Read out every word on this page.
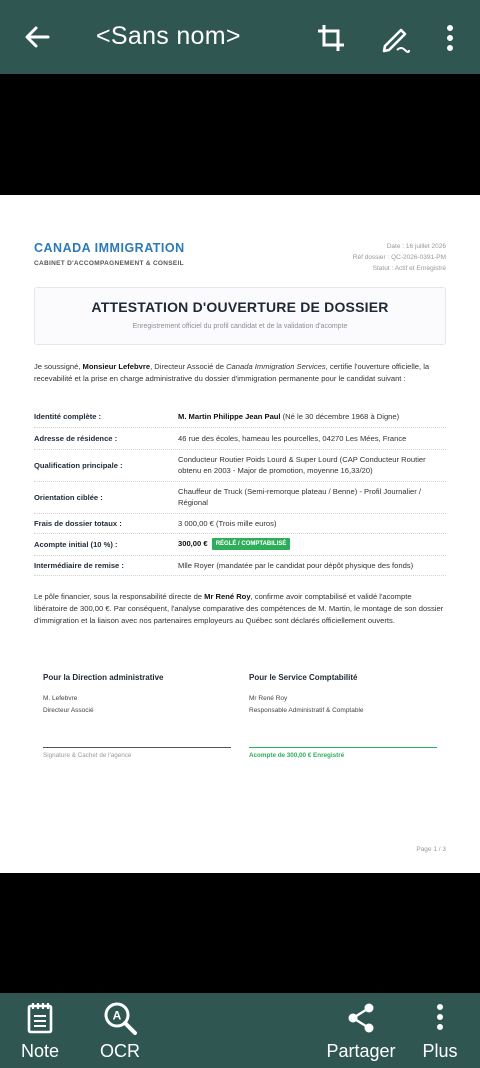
<Sans nom>
CANADA IMMIGRATION
CABINET D'ACCOMPAGNEMENT & CONSEIL
Date : 16 juillet 2026
Réf dossier : QC-2026-0391-PM
Statut : Actif et Enregistré
ATTESTATION D'OUVERTURE DE DOSSIER
Enregistrement officiel du profil candidat et de la validation d'acompte
Je soussigné, Monsieur Lefebvre, Directeur Associé de Canada Immigration Services, certifie l'ouverture officielle, la recevabilité et la prise en charge administrative du dossier d'immigration permanente pour le candidat suivant :
Identité complète :	M. Martin Philippe Jean Paul (Né le 30 décembre 1968 à Digne)
Adresse de résidence :	46 rue des écoles, hameau les pourcelles, 04270 Les Mées, France
Qualification principale :
Conducteur Routier Poids Lourd & Super Lourd (CAP Conducteur Routier obtenu en 2003 - Major de promotion, moyenne 16,33/20)
Orientation ciblée :
Chauffeur de Truck (Semi-remorque plateau / Benne) - Profil Journalier / Régional
Frais de dossier totaux :	3 000,00 € (Trois mille euros)
Acompte initial (10 %) :	300,00 € RÉGLÉ / COMPTABILISÉ
Intermédiaire de remise :	Mlle Royer (mandatée par le candidat pour dépôt physique des fonds)
Le pôle financier, sous la responsabilité directe de Mr René Roy, confirme avoir comptabilisé et validé l'acompte libératoire de 300,00 €. Par conséquent, l'analyse comparative des compétences de M. Martin, le montage de son dossier d'immigration et la liaison avec nos partenaires employeurs au Québec sont déclarés officiellement ouverts.
Pour la Direction administrative
M. Lefebvre
Directeur Associé
Signature & Cachet de l'agence
Pour le Service Comptabilité
Mr René Roy
Responsable Administratif & Comptable
Acompte de 300,00 € Enregistré
Page 1 / 3
Note
A
OCR	Partager Plus
